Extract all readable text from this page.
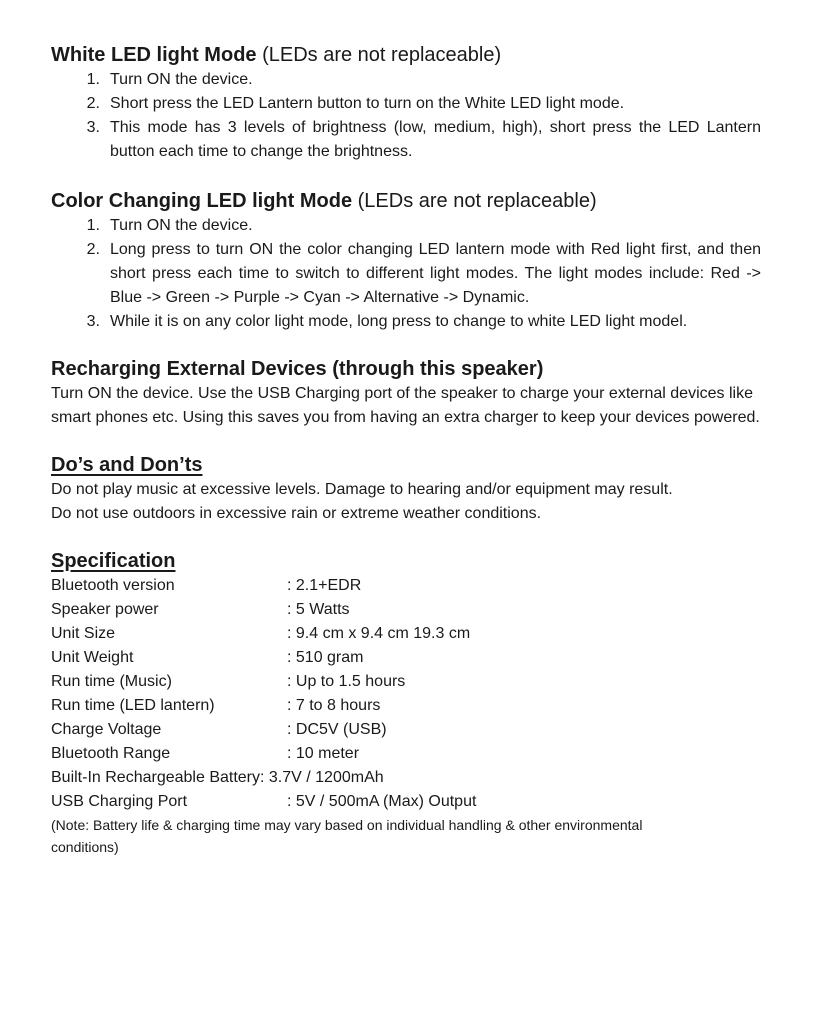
White LED light Mode (LEDs are not replaceable)
1. Turn ON the device.
2. Short press the LED Lantern button to turn on the White LED light mode.
3. This mode has 3 levels of brightness (low, medium, high), short press the LED Lantern button each time to change the brightness.
Color Changing LED light Mode (LEDs are not replaceable)
1. Turn ON the device.
2. Long press to turn ON the color changing LED lantern mode with Red light first, and then short press each time to switch to different light modes. The light modes include: Red -> Blue -> Green -> Purple -> Cyan -> Alternative -> Dynamic.
3. While it is on any color light mode, long press to change to white LED light model.
Recharging External Devices (through this speaker)

Turn ON the device. Use the USB Charging port of the speaker to charge your external devices like smart phones etc. Using this saves you from having an extra charger to keep your devices powered.

Do’s and Don’ts

Do not play music at excessive levels. Damage to hearing and/or equipment may result.

Do not use outdoors in excessive rain or extreme weather conditions.

Specification
Bluetooth version	: 2.1+EDR
Speaker power	: 5 Watts
Unit Size	: 9.4 cm x 9.4 cm 19.3 cm
Unit Weight	: 510 gram
Run time (Music)	: Up to 1.5 hours
Run time (LED lantern)	: 7 to 8 hours
Charge Voltage	: DC5V (USB)
Bluetooth Range	: 10 meter
Built-In Rechargeable Battery : 3.7V / 1200mAh
USB Charging Port	: 5V / 500mA (Max) Output

(Note: Battery life & charging time may vary based on individual handling & other environmental conditions)
